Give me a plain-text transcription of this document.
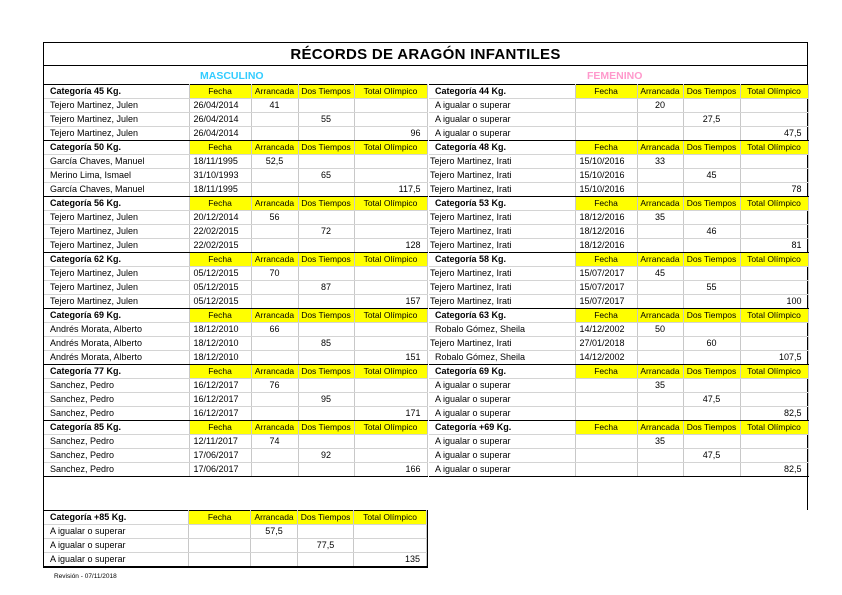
RÉCORDS DE ARAGÓN INFANTILES
MASCULINO
Categoría 45 Kg.	Fecha	Arrancada	Dos Tiempos	Total Olímpico
Tejero Martinez, Julen	26/04/2014	41		
Tejero Martinez, Julen	26/04/2014		55	
Tejero Martinez, Julen	26/04/2014			96
Categoría 50 Kg.	Fecha	Arrancada	Dos Tiempos	Total Olímpico
García Chaves, Manuel	18/11/1995	52,5		
Merino Lima, Ismael	31/10/1993		65	
García Chaves, Manuel	18/11/1995			117,5
Categoría 56 Kg.	Fecha	Arrancada	Dos Tiempos	Total Olímpico
Tejero Martinez, Julen	20/12/2014	56		
Tejero Martinez, Julen	22/02/2015		72	
Tejero Martinez, Julen	22/02/2015			128
Categoría 62 Kg.	Fecha	Arrancada	Dos Tiempos	Total Olímpico
Tejero Martinez, Julen	05/12/2015	70		
Tejero Martinez, Julen	05/12/2015		87	
Tejero Martinez, Julen	05/12/2015			157
Categoría 69 Kg.	Fecha	Arrancada	Dos Tiempos	Total Olímpico
Andrés Morata, Alberto	18/12/2010	66		
Andrés Morata, Alberto	18/12/2010		85	
Andrés Morata, Alberto	18/12/2010			151
Categoría 77 Kg.	Fecha	Arrancada	Dos Tiempos	Total Olímpico
Sanchez, Pedro	16/12/2017	76		
Sanchez, Pedro	16/12/2017		95	
Sanchez, Pedro	16/12/2017			171
Categoría 85 Kg.	Fecha	Arrancada	Dos Tiempos	Total Olímpico
Sanchez, Pedro	12/11/2017	74		
Sanchez, Pedro	17/06/2017		92	
Sanchez, Pedro	17/06/2017			166
FEMENINO
Categoría 44 Kg.	Fecha	Arrancada	Dos Tiempos	Total Olímpico
A igualar o superar		20		
A igualar o superar			27,5	
A igualar o superar				47,5
Categoría 48 Kg.	Fecha	Arrancada	Dos Tiempos	Total Olímpico
Tejero Martinez, Irati	15/10/2016	33		
Tejero Martinez, Irati	15/10/2016		45	
Tejero Martinez, Irati	15/10/2016			78
Categoría 53 Kg.	Fecha	Arrancada	Dos Tiempos	Total Olímpico
Tejero Martinez, Irati	18/12/2016	35		
Tejero Martinez, Irati	18/12/2016		46	
Tejero Martinez, Irati	18/12/2016			81
Categoría 58 Kg.	Fecha	Arrancada	Dos Tiempos	Total Olímpico
Tejero Martinez, Irati	15/07/2017	45		
Tejero Martinez, Irati	15/07/2017		55	
Tejero Martinez, Irati	15/07/2017			100
Categoría 63 Kg.	Fecha	Arrancada	Dos Tiempos	Total Olímpico
Robalo Gómez, Sheila	14/12/2002	50		
Tejero Martinez, Irati	27/01/2018		60	
Robalo Gómez, Sheila	14/12/2002			107,5
Categoría 69 Kg.	Fecha	Arrancada	Dos Tiempos	Total Olímpico
A igualar o superar		35		
A igualar o superar			47,5	
A igualar o superar				82,5
Categoría +69 Kg.	Fecha	Arrancada	Dos Tiempos	Total Olímpico
A igualar o superar		35		
A igualar o superar			47,5	
A igualar o superar				82,5
Categoría +85 Kg.	Fecha	Arrancada	Dos Tiempos	Total Olímpico
A igualar o superar		57,5		
A igualar o superar			77,5	
A igualar o superar				135
Revisión - 07/11/2018
